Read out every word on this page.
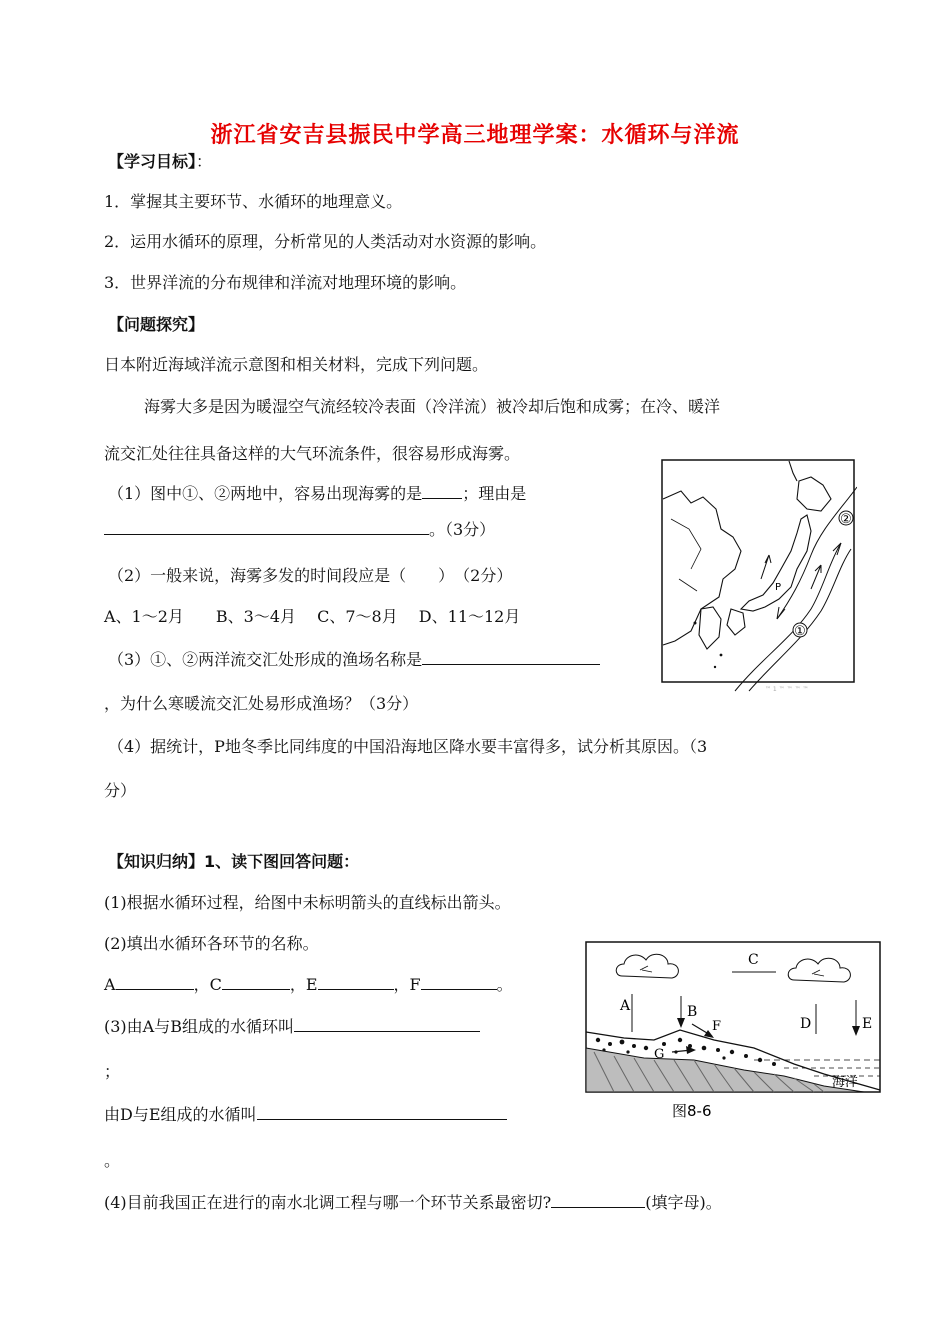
浙江省安吉县振民中学高三地理学案：水循环与洋流
【学习目标】：
1．掌握其主要环节、水循环的地理意义。
2．运用水循环的原理，分析常见的人类活动对水资源的影响。
3．世界洋流的分布规律和洋流对地理环境的影响。
【问题探究】
日本附近海域洋流示意图和相关材料，完成下列问题。
海雾大多是因为暖湿空气流经较冷表面（冷洋流）被冷却后饱和成雾；在冷、暖洋
流交汇处往往具备这样的大气环流条件，很容易形成海雾。
（1）图中①、②两地中，容易出现海雾的是	；理由是
。（3分）
（2）一般来说，海雾多发的时间段应是（　　）　（2分）
A、1～2月　　B、3～4月　 C、7～8月　 D、11～12月
（3）①、②两洋流交汇处形成的渔场名称是
，为什么寒暖流交汇处易形成渔场？（3分）
（4）据统计，P地冬季比同纬度的中国沿海地区降水要丰富得多，试分析其原因。（3
分）
②
①
P
™ 1 ™ ™ ™ ™
【知识归纳】1、读下图回答问题：
(1)根据水循环过程，给图中未标明箭头的直线标出箭头。
(2)填出水循环各环节的名称。
A	，C	，E	，F	。
(3)由A与B组成的水循环叫
；
由D与E组成的水循叫
。
(4)目前我国正在进行的南水北调工程与哪一个环节关系最密切?	(填字母)。
C
A	B
D	E
F
G
海洋
图8-6
